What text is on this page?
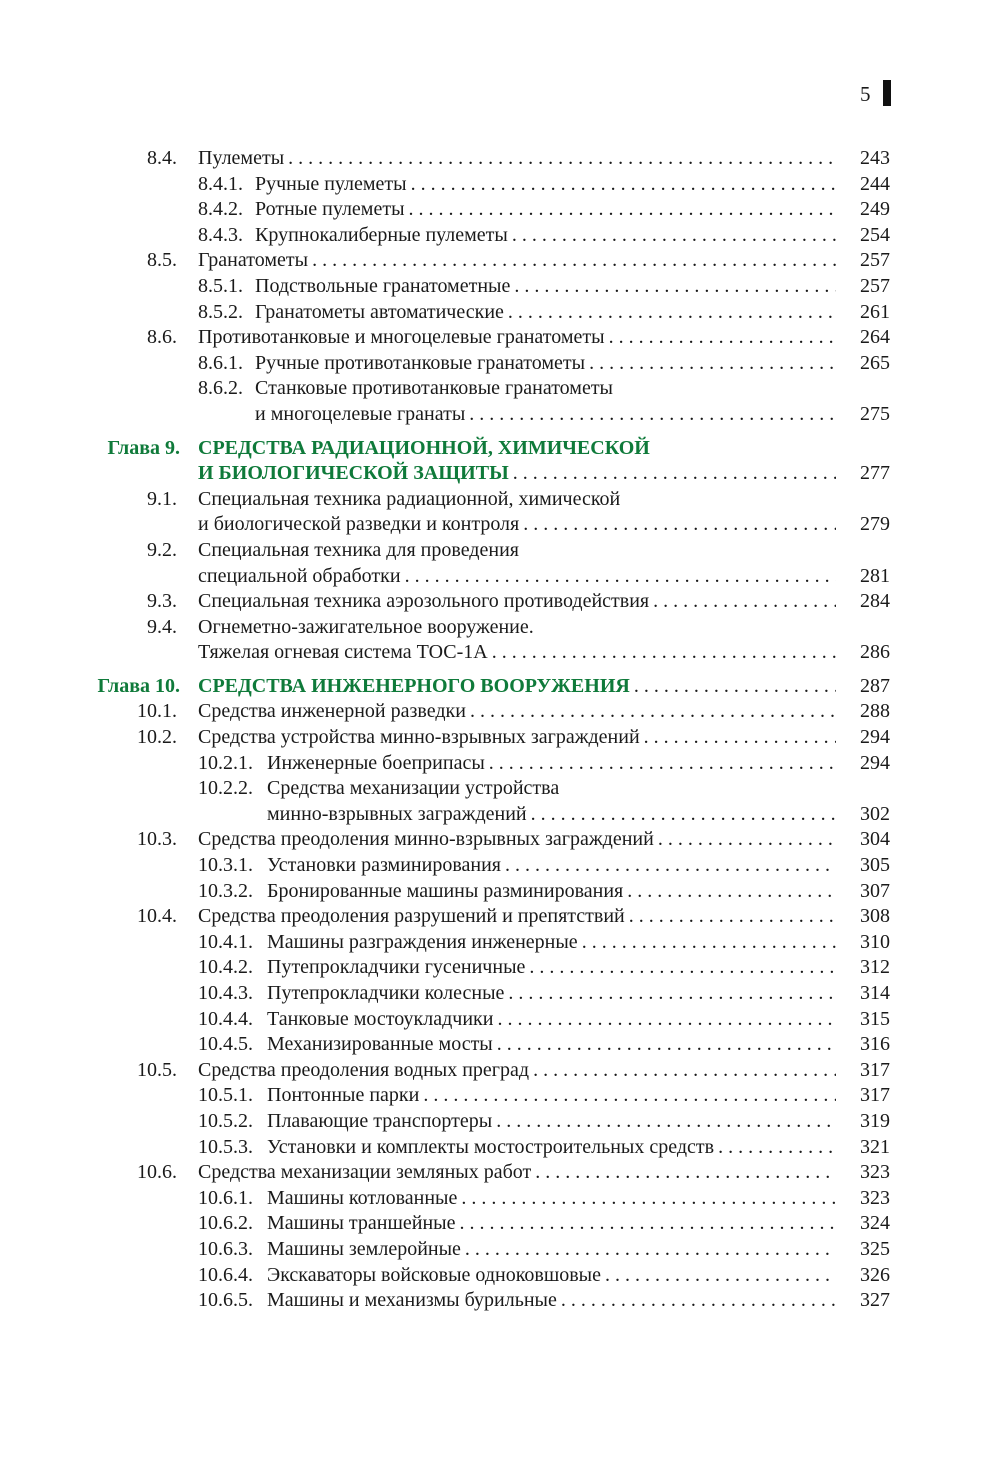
5
8.4. Пулеметы . . .	243
8.4.1. Ручные пулеметы . . .	244
8.4.2. Ротные пулеметы . . .	249
8.4.3. Крупнокалиберные пулеметы . . .	254
8.5. Гранатометы . . .	257
8.5.1. Подствольные гранатометные . . .	257
8.5.2. Гранатометы автоматические . . .	261
8.6. Противотанковые и многоцелевые гранатометы . . .	264
8.6.1. Ручные противотанковые гранатометы . . .	265
8.6.2. Станковые противотанковые гранатометы
и многоцелевые гранаты . . .	275
Глава 9. СРЕДСТВА РАДИАЦИОННОЙ, ХИМИЧЕСКОЙ
И БИОЛОГИЧЕСКОЙ ЗАЩИТЫ . . .	277
9.1. Специальная техника радиационной, химической
и биологической разведки и контроля . . .	279
9.2. Специальная техника для проведения
специальной обработки . . .	281
9.3. Специальная техника аэрозольного противодействия . . .	284
9.4. Огнеметно-зажигательное вооружение.
Тяжелая огневая система ТОС-1А . . .	286
Глава 10. СРЕДСТВА ИНЖЕНЕРНОГО ВООРУЖЕНИЯ . . .	287
10.1. Средства инженерной разведки . . .	288
10.2. Средства устройства минно-взрывных заграждений . . .	294
10.2.1. Инженерные боеприпасы . . .	294
10.2.2. Средства механизации устройства
минно-взрывных заграждений . . .	302
10.3. Средства преодоления минно-взрывных заграждений . . .	304
10.3.1. Установки разминирования . . .	305
10.3.2. Бронированные машины разминирования . . .	307
10.4. Средства преодоления разрушений и препятствий . . .	308
10.4.1. Машины разграждения инженерные . . .	310
10.4.2. Путепрокладчики гусеничные . . .	312
10.4.3. Путепрокладчики колесные . . .	314
10.4.4. Танковые мостоукладчики . . .	315
10.4.5. Механизированные мосты . . .	316
10.5. Средства преодоления водных преград . . .	317
10.5.1. Понтонные парки . . .	317
10.5.2. Плавающие транспортеры . . .	319
10.5.3. Установки и комплекты мостостроительных средств . . .	321
10.6. Средства механизации земляных работ . . .	323
10.6.1. Машины котлованные . . .	323
10.6.2. Машины траншейные . . .	324
10.6.3. Машины землеройные . . .	325
10.6.4. Экскаваторы войсковые одноковшовые . . .	326
10.6.5. Машины и механизмы бурильные . . .	327
